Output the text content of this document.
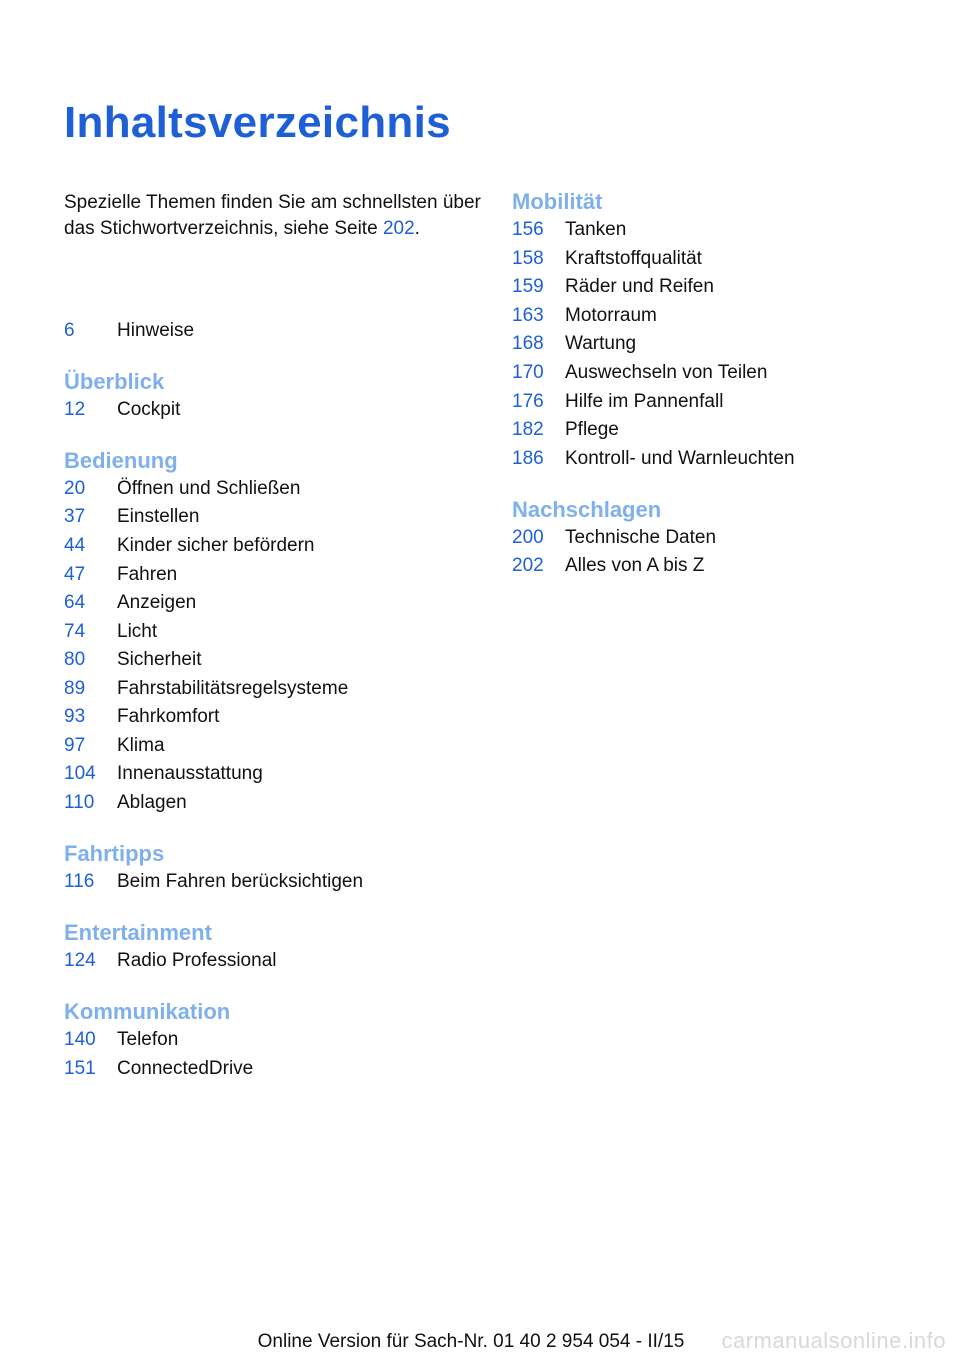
Inhaltsverzeichnis

Spezielle Themen finden Sie am schnellsten über das Stichwortverzeichnis, siehe Seite 202.

6 Hinweise
Überblick
12 Cockpit
Bedienung
20 Öffnen und Schließen
37 Einstellen
44 Kinder sicher befördern
47 Fahren
64 Anzeigen
74 Licht
80 Sicherheit
89 Fahrstabilitätsregelsysteme
93 Fahrkomfort
97 Klima
104 Innenausstattung
110 Ablagen
Fahrtipps
116 Beim Fahren berücksichtigen
Entertainment
124 Radio Professional
Kommunikation
140 Telefon
151 ConnectedDrive
Mobilität
156 Tanken
158 Kraftstoffqualität
159 Räder und Reifen
163 Motorraum
168 Wartung
170 Auswechseln von Teilen
176 Hilfe im Pannenfall
182 Pflege
186 Kontroll- und Warnleuchten
Nachschlagen
200 Technische Daten
202 Alles von A bis Z
Online Version für Sach-Nr. 01 40 2 954 054 - II/15	carmanualsonline.info
